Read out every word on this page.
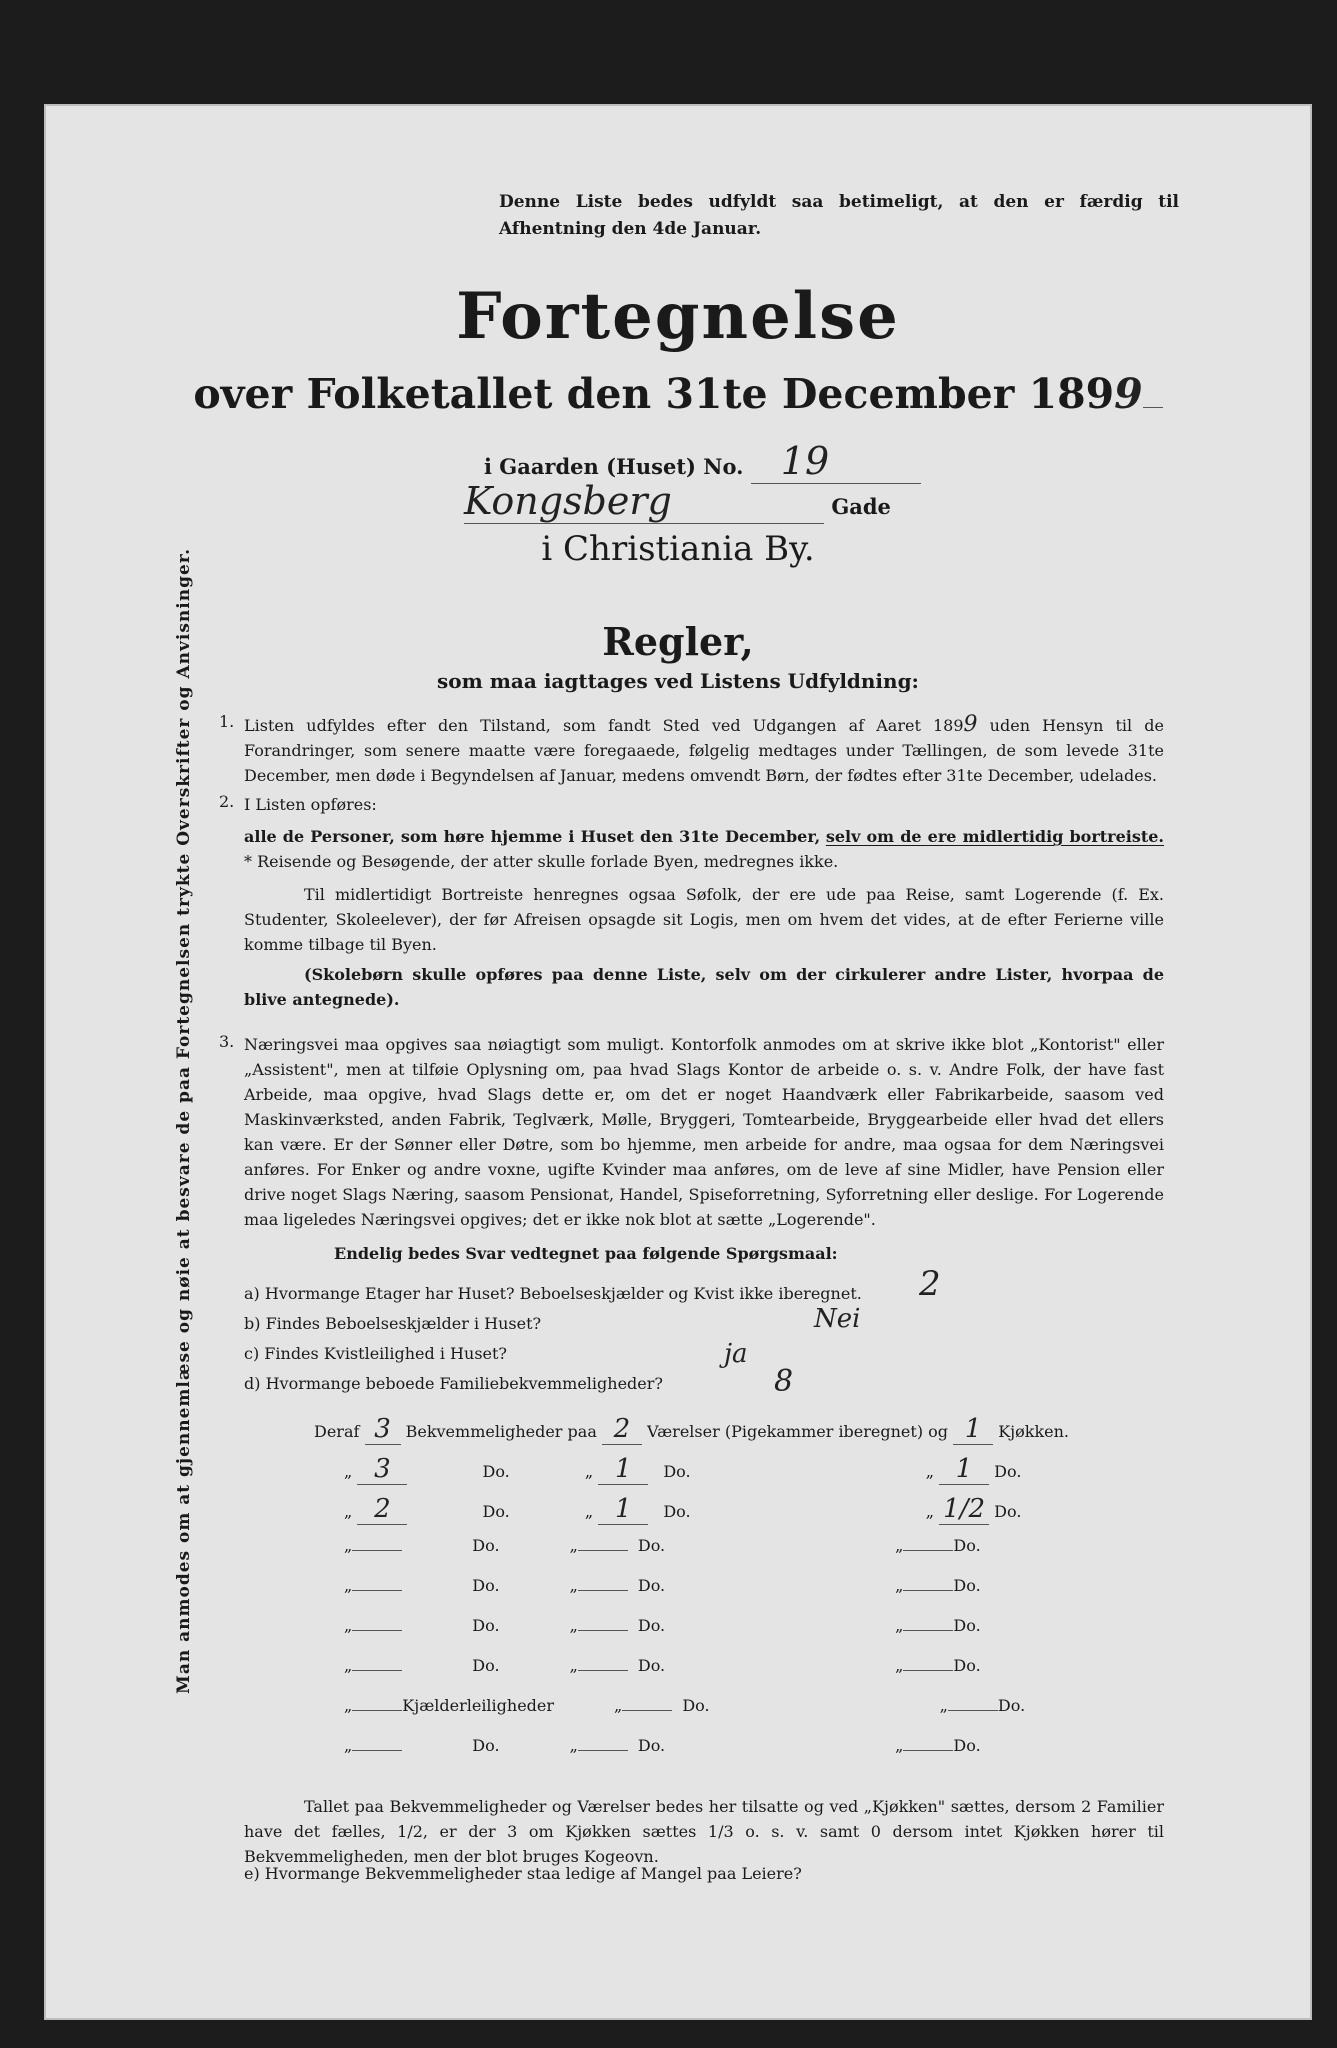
Denne Liste bedes udfyldt saa betimeligt, at den er færdig til Afhentning den 4de Januar.
Fortegnelse
over Folketallet den 31te December 1899
i Gaarden (Huset) No. 19
Kongsberg	Gade
i Christiania By.
Regler,
som maa iagttages ved Listens Udfyldning:
1. Listen udfyldes efter den Tilstand, som fandt Sted ved Udgangen af Aaret 1899 uden Hensyn til de Forandringer, som senere maatte være foregaaede, følgelig medtages under Tællingen, de som levede 31te December, men døde i Begyndelsen af Januar, medens omvendt Børn, der fødtes efter 31te December, udelades.
2. I Listen opføres:
alle de Personer, som høre hjemme i Huset den 31te December, selv om de ere midlertidig bortreiste. * Reisende og Besøgende, der atter skulle forlade Byen, medregnes ikke.
Til midlertidigt Bortreiste henregnes ogsaa Søfolk, der ere ude paa Reise, samt Logerende (f. Ex. Studenter, Skoleelever), der før Afreisen opsagde sit Logis, men om hvem det vides, at de efter Ferierne ville komme tilbage til Byen.
(Skolebørn skulle opføres paa denne Liste, selv om der cirkulerer andre Lister, hvorpaa de blive antegnede).
3. Næringsvei maa opgives saa nøiagtigt som muligt. Kontorfolk anmodes om at skrive ikke blot „Kontorist" eller „Assistent", men at tilføie Oplysning om, paa hvad Slags Kontor de arbeide o. s. v. Andre Folk, der have fast Arbeide, maa opgive, hvad Slags dette er, om det er noget Haandværk eller Fabrikarbeide, saasom ved Maskinværksted, anden Fabrik, Teglværk, Mølle, Bryggeri, Tomtearbeide, Bryggearbeide eller hvad det ellers kan være. Er der Sønner eller Døtre, som bo hjemme, men arbeide for andre, maa ogsaa for dem Næringsvei anføres. For Enker og andre voxne, ugifte Kvinder maa anføres, om de leve af sine Midler, have Pension eller drive noget Slags Næring, saasom Pensionat, Handel, Spiseforretning, Syforretning eller deslige. For Logerende maa ligeledes Næringsvei opgives; det er ikke nok blot at sætte „Logerende".
Endelig bedes Svar vedtegnet paa følgende Spørgsmaal:
a) Hvormange Etager har Huset? Beboelseskjælder og Kvist ikke iberegnet. 2
b) Findes Beboelseskjælder i Huset?	Nei
c) Findes Kvistleilighed i Huset?	ja
d) Hvormange beboede Familiebekvemmeligheder?	8
Deraf 3 Bekvemmeligheder paa 2 Værelser (Pigekammer iberegnet) og 1 Kjøkken.
„ 3	Do.	„ 1 Do.	„ 1 Do.
„ 2	Do.	„ 1 Do.	„ 1/2 Do.
„	Do.	„	Do.	„	Do.
„	Do.	„	Do.	„	Do.
„	Do.	„	Do.	„	Do.
„	Do.	„	Do.	„	Do.
„	Kjælderleiligheder	„	Do.	„	Do.
„	Do.	„	Do.	„	Do.
Tallet paa Bekvemmeligheder og Værelser bedes her tilsatte og ved „Kjøkken" sættes, dersom 2 Familier have det fælles, 1/2, er der 3 om Kjøkken sættes 1/3 o. s. v. samt 0 dersom intet Kjøkken hører til Bekvemmeligheden, men der blot bruges Kogeovn.
e) Hvormange Bekvemmeligheder staa ledige af Mangel paa Leiere?
Man anmodes om at gjennemlæse og nøie at besvare de paa Fortegnelsen trykte Overskrifter og Anvisninger.
